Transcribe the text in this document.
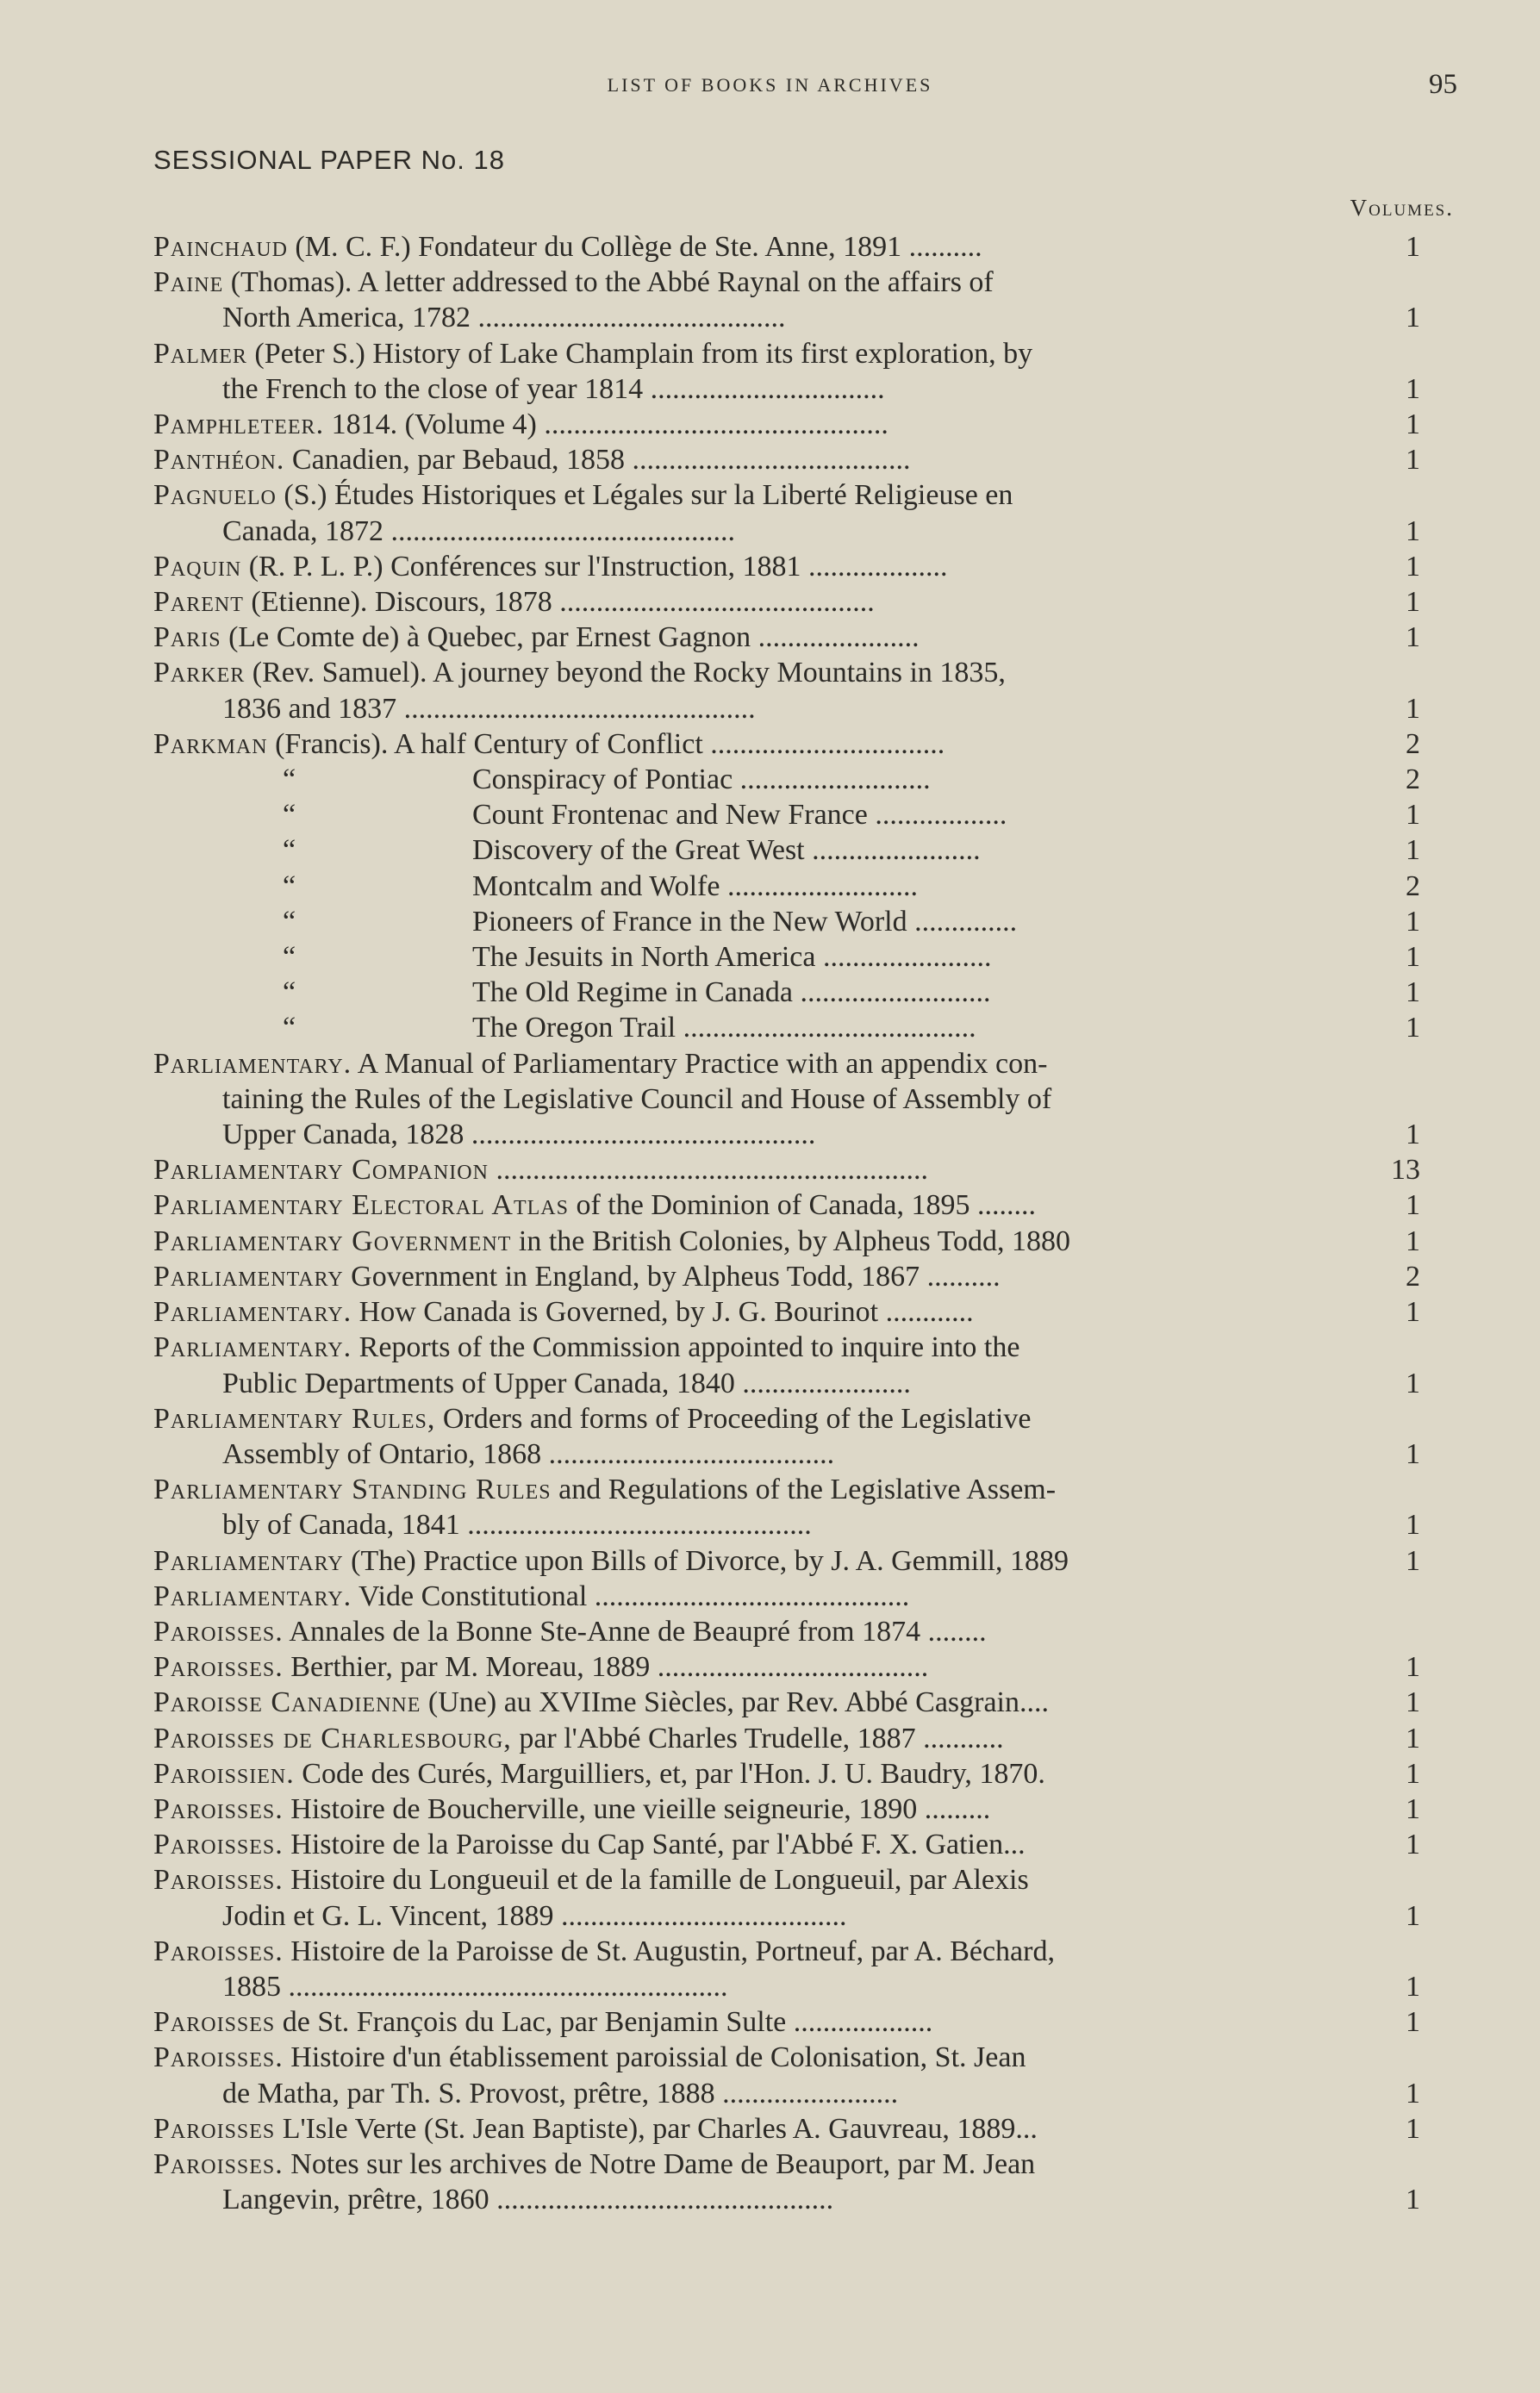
LIST OF BOOKS IN ARCHIVES	95
SESSIONAL PAPER No. 18
Volumes.
Painchaud (M. C. F.) Fondateur du Collège de Ste. Anne, 1891 ..........	1
Paine (Thomas). A letter addressed to the Abbé Raynal on the affairs of
North America, 1782 ..........................................	1
Palmer (Peter S.) History of Lake Champlain from its first exploration, by
the French to the close of year 1814 ................................	1
Pamphleteer. 1814. (Volume 4) ...............................................	1
Panthéon. Canadien, par Bebaud, 1858 ......................................	1
Pagnuelo (S.) Études Historiques et Légales sur la Liberté Religieuse en
Canada, 1872 ...............................................	1
Paquin (R. P. L. P.) Conférences sur l'Instruction, 1881 ...................	1
Parent (Etienne). Discours, 1878 ...........................................	1
Paris (Le Comte de) à Quebec, par Ernest Gagnon ......................	1
Parker (Rev. Samuel). A journey beyond the Rocky Mountains in 1835,
1836 and 1837 ................................................	1
Parkman (Francis). A half Century of Conflict ................................	2
“	Conspiracy of Pontiac ..........................	2
“	Count Frontenac and New France ..................	1
“	Discovery of the Great West .......................	1
“	Montcalm and Wolfe ..........................	2
“	Pioneers of France in the New World ..............	1
“	The Jesuits in North America .......................	1
“	The Old Regime in Canada ..........................	1
“	The Oregon Trail ........................................	1
Parliamentary. A Manual of Parliamentary Practice with an appendix con-
taining the Rules of the Legislative Council and House of Assembly of
Upper Canada, 1828 ...............................................	1
Parliamentary Companion ...........................................................	13
Parliamentary Electoral Atlas of the Dominion of Canada, 1895 ........	1
Parliamentary Government in the British Colonies, by Alpheus Todd, 1880	1
Parliamentary Government in England, by Alpheus Todd, 1867 ..........	2
Parliamentary. How Canada is Governed, by J. G. Bourinot ............	1
Parliamentary. Reports of the Commission appointed to inquire into the
Public Departments of Upper Canada, 1840 .......................	1
Parliamentary Rules, Orders and forms of Proceeding of the Legislative
Assembly of Ontario, 1868 .......................................	1
Parliamentary Standing Rules and Regulations of the Legislative Assem-
bly of Canada, 1841 ...............................................	1
Parliamentary (The) Practice upon Bills of Divorce, by J. A. Gemmill, 1889	1
Parliamentary. Vide Constitutional ...........................................
Paroisses. Annales de la Bonne Ste-Anne de Beaupré from 1874 ........
Paroisses. Berthier, par M. Moreau, 1889 .....................................	1
Paroisse Canadienne (Une) au XVIIme Siècles, par Rev. Abbé Casgrain....	1
Paroisses de Charlesbourg, par l'Abbé Charles Trudelle, 1887 ...........	1
Paroissien. Code des Curés, Marguilliers, et, par l'Hon. J. U. Baudry, 1870.	1
Paroisses. Histoire de Boucherville, une vieille seigneurie, 1890 .........	1
Paroisses. Histoire de la Paroisse du Cap Santé, par l'Abbé F. X. Gatien...	1
Paroisses. Histoire du Longueuil et de la famille de Longueuil, par Alexis
Jodin et G. L. Vincent, 1889 .......................................	1
Paroisses. Histoire de la Paroisse de St. Augustin, Portneuf, par A. Béchard,
1885 ............................................................	1
Paroisses de St. François du Lac, par Benjamin Sulte ...................	1
Paroisses. Histoire d'un établissement paroissial de Colonisation, St. Jean
de Matha, par Th. S. Provost, prêtre, 1888 ........................	1
Paroisses L'Isle Verte (St. Jean Baptiste), par Charles A. Gauvreau, 1889...	1
Paroisses. Notes sur les archives de Notre Dame de Beauport, par M. Jean
Langevin, prêtre, 1860 ..............................................	1
